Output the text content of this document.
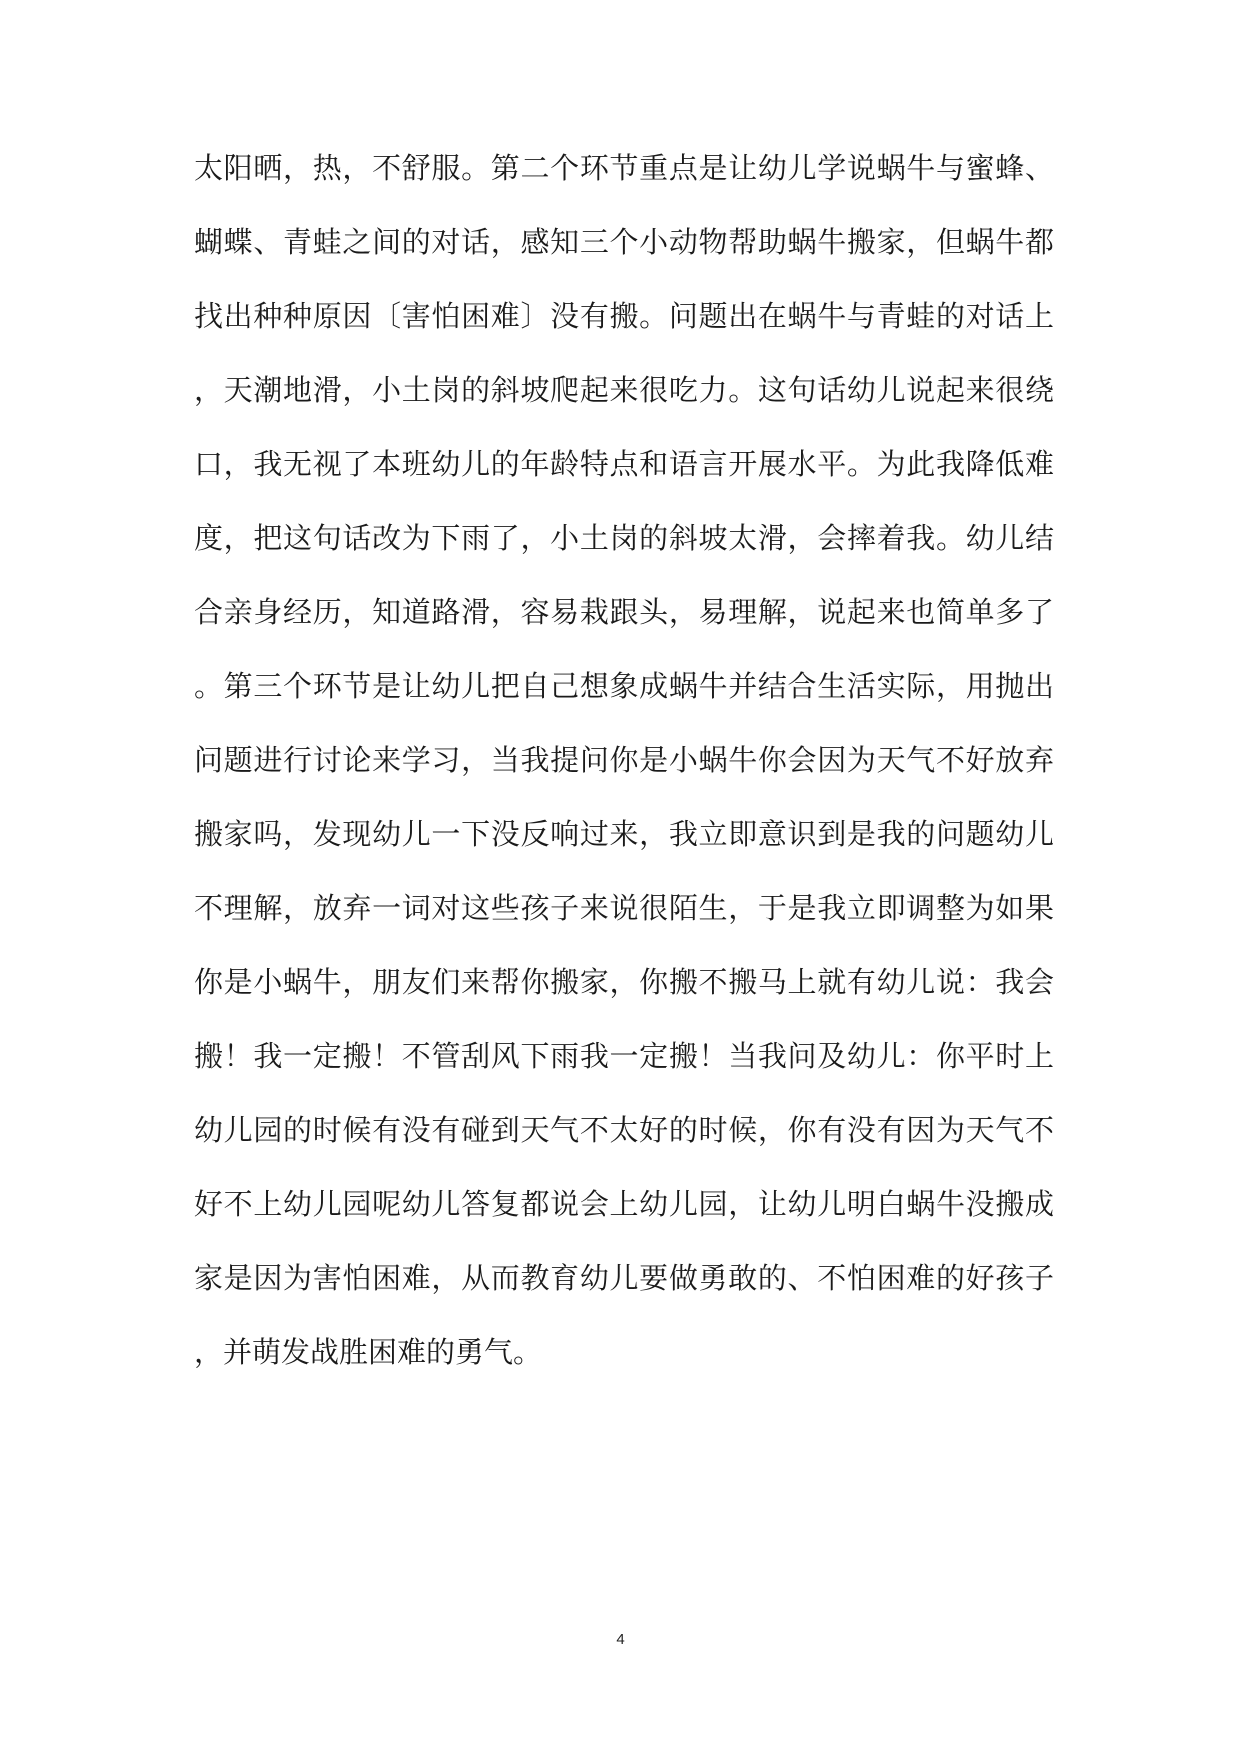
太阳晒，热，不舒服。第二个环节重点是让幼儿学说蜗牛与蜜蜂、
蝴蝶、青蛙之间的对话，感知三个小动物帮助蜗牛搬家，但蜗牛都
找出种种原因〔害怕困难〕没有搬。问题出在蜗牛与青蛙的对话上
，天潮地滑，小土岗的斜坡爬起来很吃力。这句话幼儿说起来很绕
口，我无视了本班幼儿的年龄特点和语言开展水平。为此我降低难
度，把这句话改为下雨了，小土岗的斜坡太滑，会摔着我。幼儿结
合亲身经历，知道路滑，容易栽跟头，易理解，说起来也简单多了
。第三个环节是让幼儿把自己想象成蜗牛并结合生活实际，用抛出
问题进行讨论来学习，当我提问你是小蜗牛你会因为天气不好放弃
搬家吗，发现幼儿一下没反响过来，我立即意识到是我的问题幼儿
不理解，放弃一词对这些孩子来说很陌生，于是我立即调整为如果
你是小蜗牛，朋友们来帮你搬家，你搬不搬马上就有幼儿说：我会
搬！我一定搬！不管刮风下雨我一定搬！当我问及幼儿：你平时上
幼儿园的时候有没有碰到天气不太好的时候，你有没有因为天气不
好不上幼儿园呢幼儿答复都说会上幼儿园，让幼儿明白蜗牛没搬成
家是因为害怕困难，从而教育幼儿要做勇敢的、不怕困难的好孩子
，并萌发战胜困难的勇气。
4
